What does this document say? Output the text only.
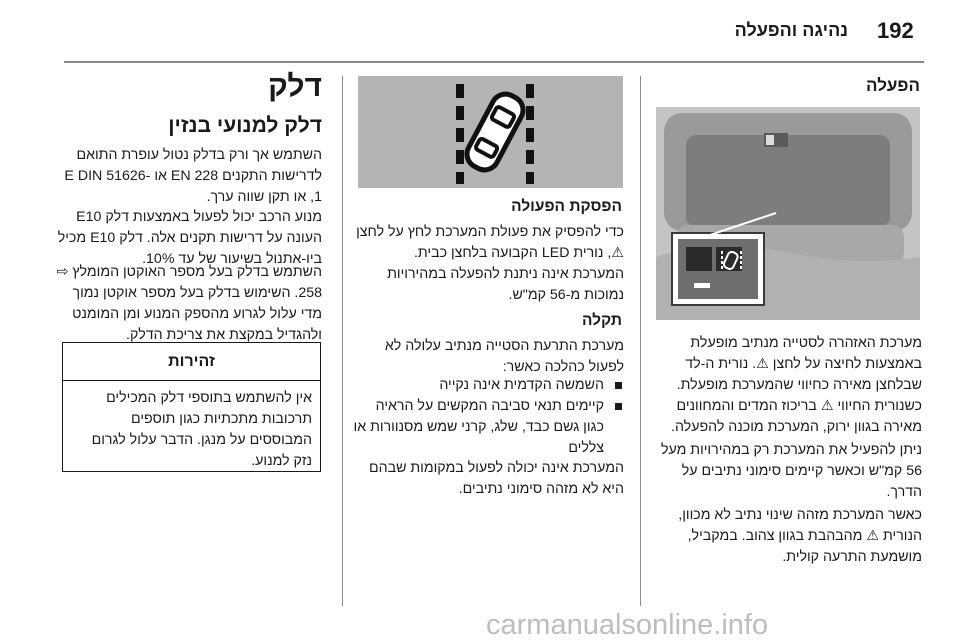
192
נהיגה והפעלה
הפעלה
מערכת האזהרה לסטייה מנתיב מופעלת באמצעות לחיצה על לחצן ⚠. נורית ה-לד שבלחצן מאירה כחיווי שהמערכת מופעלת. כשנורית החיווי ⚠ בריכוז המדים והמחוונים מאירה בגוון ירוק, המערכת מוכנה להפעלה.
ניתן להפעיל את המערכת רק במהירויות מעל 56 קמ"ש וכאשר קיימים סימוני נתיבים על הדרך.
כאשר המערכת מזהה שינוי נתיב לא מכוון, הנורית ⚠ מהבהבת בגוון צהוב. במקביל, מושמעת התרעה קולית.
הפסקת הפעולה
כדי להפסיק את פעולת המערכת לחץ על לחצן ⚠, נורית LED הקבועה בלחצן כבית.
המערכת אינה ניתנת להפעלה במהירויות נמוכות מ-56 קמ"ש.
תקלה
מערכת התרעת הסטייה מנתיב עלולה לא לפעול כהלכה כאשר:
השמשה הקדמית אינה נקייה
קיימים תנאי סביבה המקשים על הראיה כגון גשם כבד, שלג, קרני שמש מסנוורות או צללים
המערכת אינה יכולה לפעול במקומות שבהם היא לא מזהה סימוני נתיבים.
דלק
דלק למנועי בנזין
השתמש אך ורק בדלק נטול עופרת התואם לדרישות התקנים EN 228 או E DIN 51626-1, או תקן שווה ערך.
מנוע הרכב יכול לפעול באמצעות דלק E10 העונה על דרישות תקנים אלה. דלק E10 מכיל ביו-אתנול בשיעור של עד 10%.
השתמש בדלק בעל מספר האוקטן המומלץ ⇨ 258. השימוש בדלק בעל מספר אוקטן נמוך מדי עלול לגרוע מהספק המנוע ומן המומנט ולהגדיל במקצת את צריכת הדלק.
זהירות
אין להשתמש בתוספי דלק המכילים תרכובות מתכתיות כגון תוספים המבוססים על מנגן. הדבר עלול לגרום נזק למנוע.
carmanualsonline.info
